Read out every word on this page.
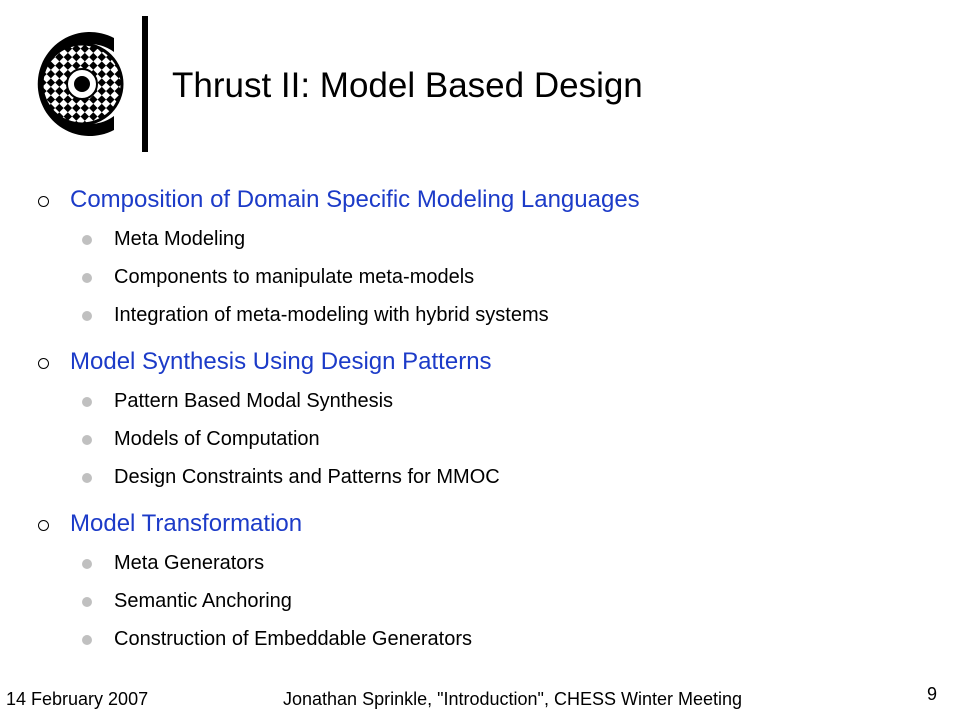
Thrust II: Model Based Design
Composition of Domain Specific Modeling Languages
Meta Modeling
Components to manipulate meta-models
Integration of meta-modeling with hybrid systems
Model Synthesis Using Design Patterns
Pattern Based Modal Synthesis
Models of Computation
Design Constraints and Patterns for MMOC
Model Transformation
Meta Generators
Semantic Anchoring
Construction of Embeddable Generators
14 February 2007	Jonathan Sprinkle, "Introduction", CHESS Winter Meeting	9
